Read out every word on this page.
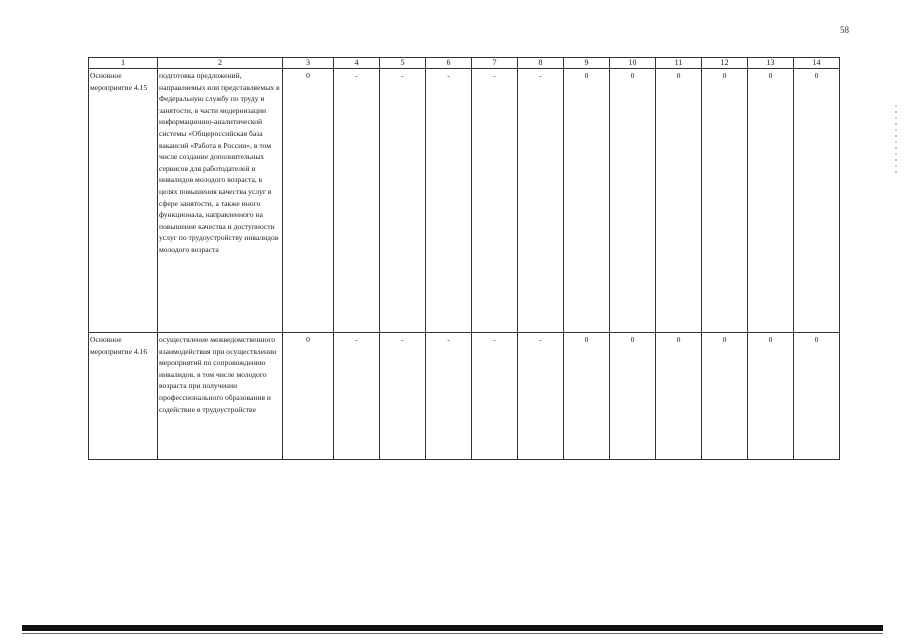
58
1	2	3	4	5	6	7	8	9	10	11	12	13	14
Основное мероприятие 4.15	подготовка предложений, направляемых или представляемых в Федеральную службу по труду и занятости, в части модернизации информационно-аналитической системы «Общероссийская база вакансий «Работа в России», в том числе создание дополнительных сервисов для работодателей и инвалидов молодого возраста, в целях повышения качества услуг в сфере занятости, а также иного функционала, направленного на повышение качества и доступности услуг по трудоустройству инвалидов молодого возраста	0	-	-	-	-	-	0	0	0	0	0	0
Основное мероприятие 4.16	осуществление межведомственного взаимодействия при осуществлении мероприятий по сопровождению инвалидов, в том числе молодого возраста при получении профессионального образования и содействие в трудоустройстве	0	-	-	-	-	-	0	0	0	0	0	0
